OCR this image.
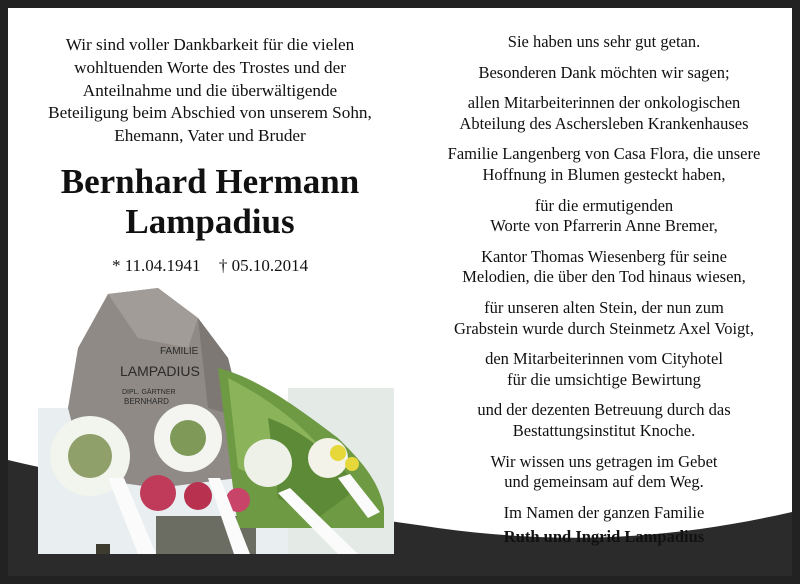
Wir sind voller Dankbarkeit für die vielen
wohltuenden Worte des Trostes und der
Anteilnahme und die überwältigende
Beteiligung beim Abschied von unserem Sohn,
Ehemann, Vater und Bruder

Bernhard Hermann
Lampadius
* 11.04.1941 † 05.10.2014
FAMILIE
LAMPADIUS
DIPL. GÄRTNER
BERNHARD

Sie haben uns sehr gut getan.

Besonderen Dank möchten wir sagen;

allen Mitarbeiterinnen der onkologischen
Abteilung des Aschersleben Krankenhauses

Familie Langenberg von Casa Flora, die unsere
Hoffnung in Blumen gesteckt haben,

für die ermutigenden
Worte von Pfarrerin Anne Bremer,

Kantor Thomas Wiesenberg für seine
Melodien, die über den Tod hinaus wiesen,

für unseren alten Stein, der nun zum
Grabstein wurde durch Steinmetz Axel Voigt,

den Mitarbeiterinnen vom Cityhotel
für die umsichtige Bewirtung

und der dezenten Betreuung durch das
Bestattungsinstitut Knoche.

Wir wissen uns getragen im Gebet
und gemeinsam auf dem Weg.

Im Namen der ganzen Familie

Ruth und Ingrid Lampadius
